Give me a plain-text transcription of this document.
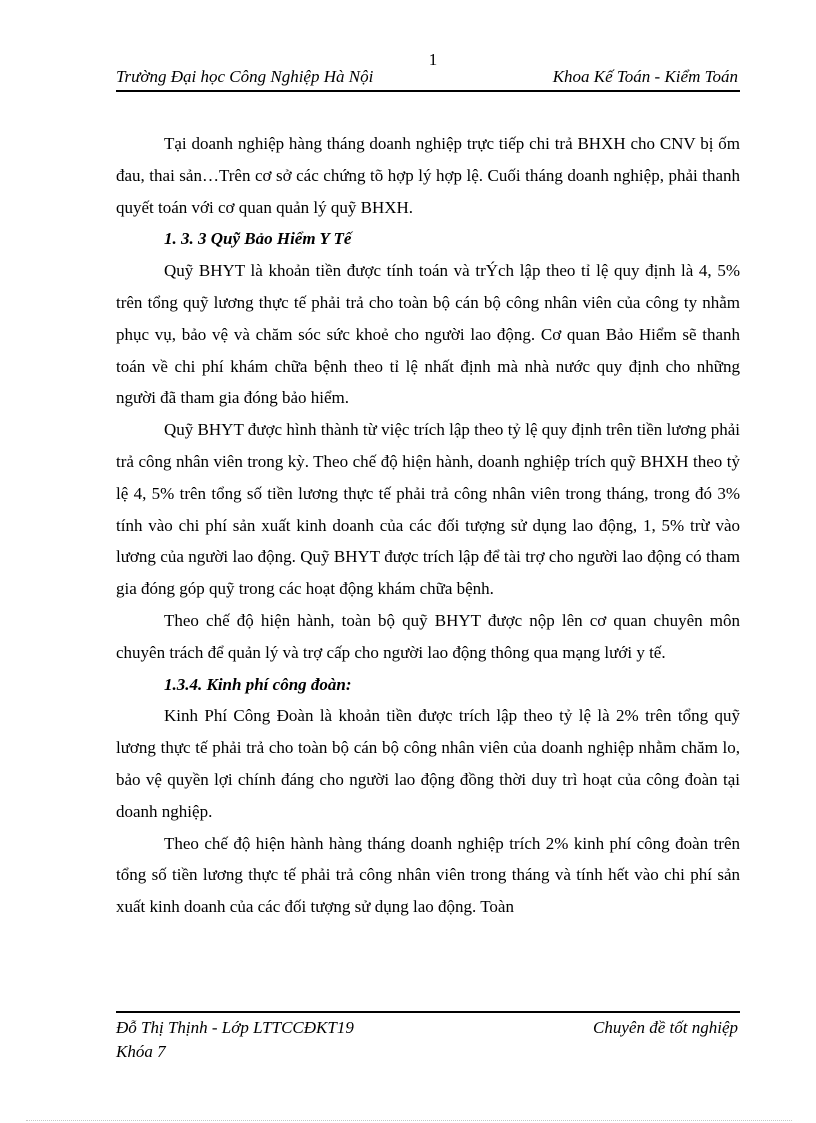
1
Trường Đại học Công Nghiệp Hà Nội	Khoa Kế Toán - Kiểm Toán

Tại doanh nghiệp hàng tháng doanh nghiệp trực tiếp chi trả BHXH cho CNV bị ốm đau, thai sản…Trên cơ sở các chứng tõ hợp lý hợp lệ. Cuối tháng doanh nghiệp, phải thanh quyết toán với cơ quan quản lý quỹ BHXH.

1. 3. 3 Quỹ Bảo Hiểm Y Tế

Quỹ BHYT là khoản tiền được tính toán và trÝch lập theo tỉ lệ quy định là 4, 5% trên tổng quỹ lương thực tế phải trả cho toàn bộ cán bộ công nhân viên của công ty nhằm phục vụ, bảo vệ và chăm sóc sức khoẻ cho người lao động. Cơ quan Bảo Hiểm sẽ thanh toán về chi phí khám chữa bệnh theo tỉ lệ nhất định mà nhà nước quy định cho những người đã tham gia đóng bảo hiểm.

Quỹ BHYT được hình thành từ việc trích lập theo tỷ lệ quy định trên tiền lương phải trả công nhân viên trong kỳ. Theo chế độ hiện hành, doanh nghiệp trích quỹ BHXH theo tỷ lệ 4, 5% trên tổng số tiền lương thực tế phải trả công nhân viên trong tháng, trong đó 3% tính vào chi phí sản xuất kinh doanh của các đối tượng sử dụng lao động, 1, 5% trừ vào lương của người lao động. Quỹ BHYT được trích lập để tài trợ cho người lao động có tham gia đóng góp quỹ trong các hoạt động khám chữa bệnh.

Theo chế độ hiện hành, toàn bộ quỹ BHYT được nộp lên cơ quan chuyên môn chuyên trách để quản lý và trợ cấp cho người lao động thông qua mạng lưới y tế.

1.3.4. Kinh phí công đoàn:

Kinh Phí Công Đoàn là khoản tiền được trích lập theo tỷ lệ là 2% trên tổng quỹ lương thực tế phải trả cho toàn bộ cán bộ công nhân viên của doanh nghiệp nhằm chăm lo, bảo vệ quyền lợi chính đáng cho người lao động đồng thời duy trì hoạt của công đoàn tại doanh nghiệp.

Theo chế độ hiện hành hàng tháng doanh nghiệp trích 2% kinh phí công đoàn trên tổng số tiền lương thực tế phải trả công nhân viên trong tháng và tính hết vào chi phí sản xuất kinh doanh của các đối tượng sử dụng lao động. Toàn

Đỗ Thị Thịnh - Lớp LTTCCĐKT19
Khóa 7
Chuyên đề tốt nghiệp
